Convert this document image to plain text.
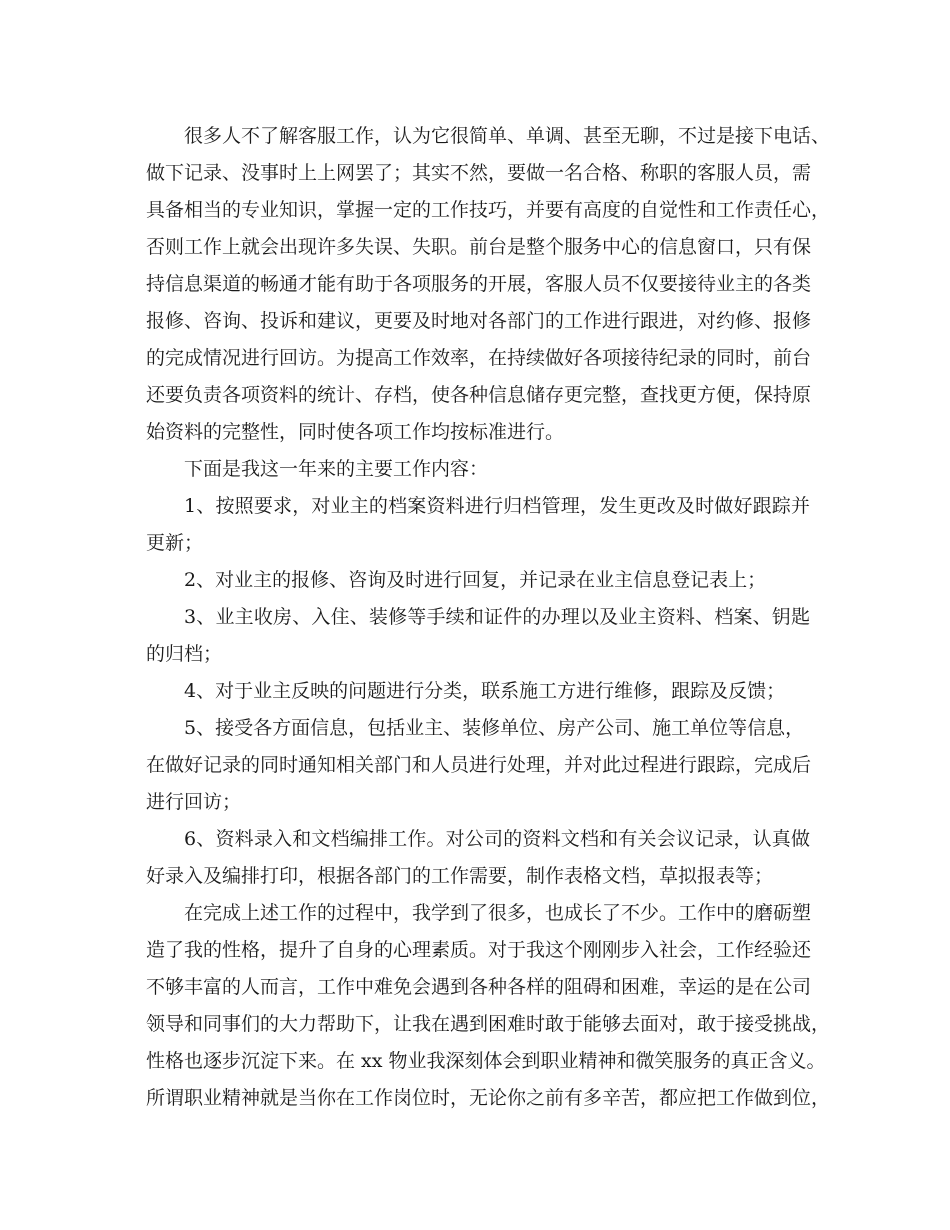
很多人不了解客服工作，认为它很简单、单调、甚至无聊，不过是接下电话、
做下记录、没事时上上网罢了；其实不然，要做一名合格、称职的客服人员，需
具备相当的专业知识，掌握一定的工作技巧，并要有高度的自觉性和工作责任心，
否则工作上就会出现许多失误、失职。前台是整个服务中心的信息窗口，只有保
持信息渠道的畅通才能有助于各项服务的开展，客服人员不仅要接待业主的各类
报修、咨询、投诉和建议，更要及时地对各部门的工作进行跟进，对约修、报修
的完成情况进行回访。为提高工作效率，在持续做好各项接待纪录的同时，前台
还要负责各项资料的统计、存档，使各种信息储存更完整，查找更方便，保持原
始资料的完整性，同时使各项工作均按标准进行。
下面是我这一年来的主要工作内容：
1、按照要求，对业主的档案资料进行归档管理，发生更改及时做好跟踪并
更新；
2、对业主的报修、咨询及时进行回复，并记录在业主信息登记表上；
3、业主收房、入住、装修等手续和证件的办理以及业主资料、档案、钥匙
的归档；
4、对于业主反映的问题进行分类，联系施工方进行维修，跟踪及反馈；
5、接受各方面信息，包括业主、装修单位、房产公司、施工单位等信息，
在做好记录的同时通知相关部门和人员进行处理，并对此过程进行跟踪，完成后
进行回访；
6、资料录入和文档编排工作。对公司的资料文档和有关会议记录，认真做
好录入及编排打印，根据各部门的工作需要，制作表格文档，草拟报表等；
在完成上述工作的过程中，我学到了很多，也成长了不少。工作中的磨砺塑
造了我的性格，提升了自身的心理素质。对于我这个刚刚步入社会，工作经验还
不够丰富的人而言，工作中难免会遇到各种各样的阻碍和困难，幸运的是在公司
领导和同事们的大力帮助下，让我在遇到困难时敢于能够去面对，敢于接受挑战，
性格也逐步沉淀下来。在 xx 物业我深刻体会到职业精神和微笑服务的真正含义。
所谓职业精神就是当你在工作岗位时，无论你之前有多辛苦，都应把工作做到位，
